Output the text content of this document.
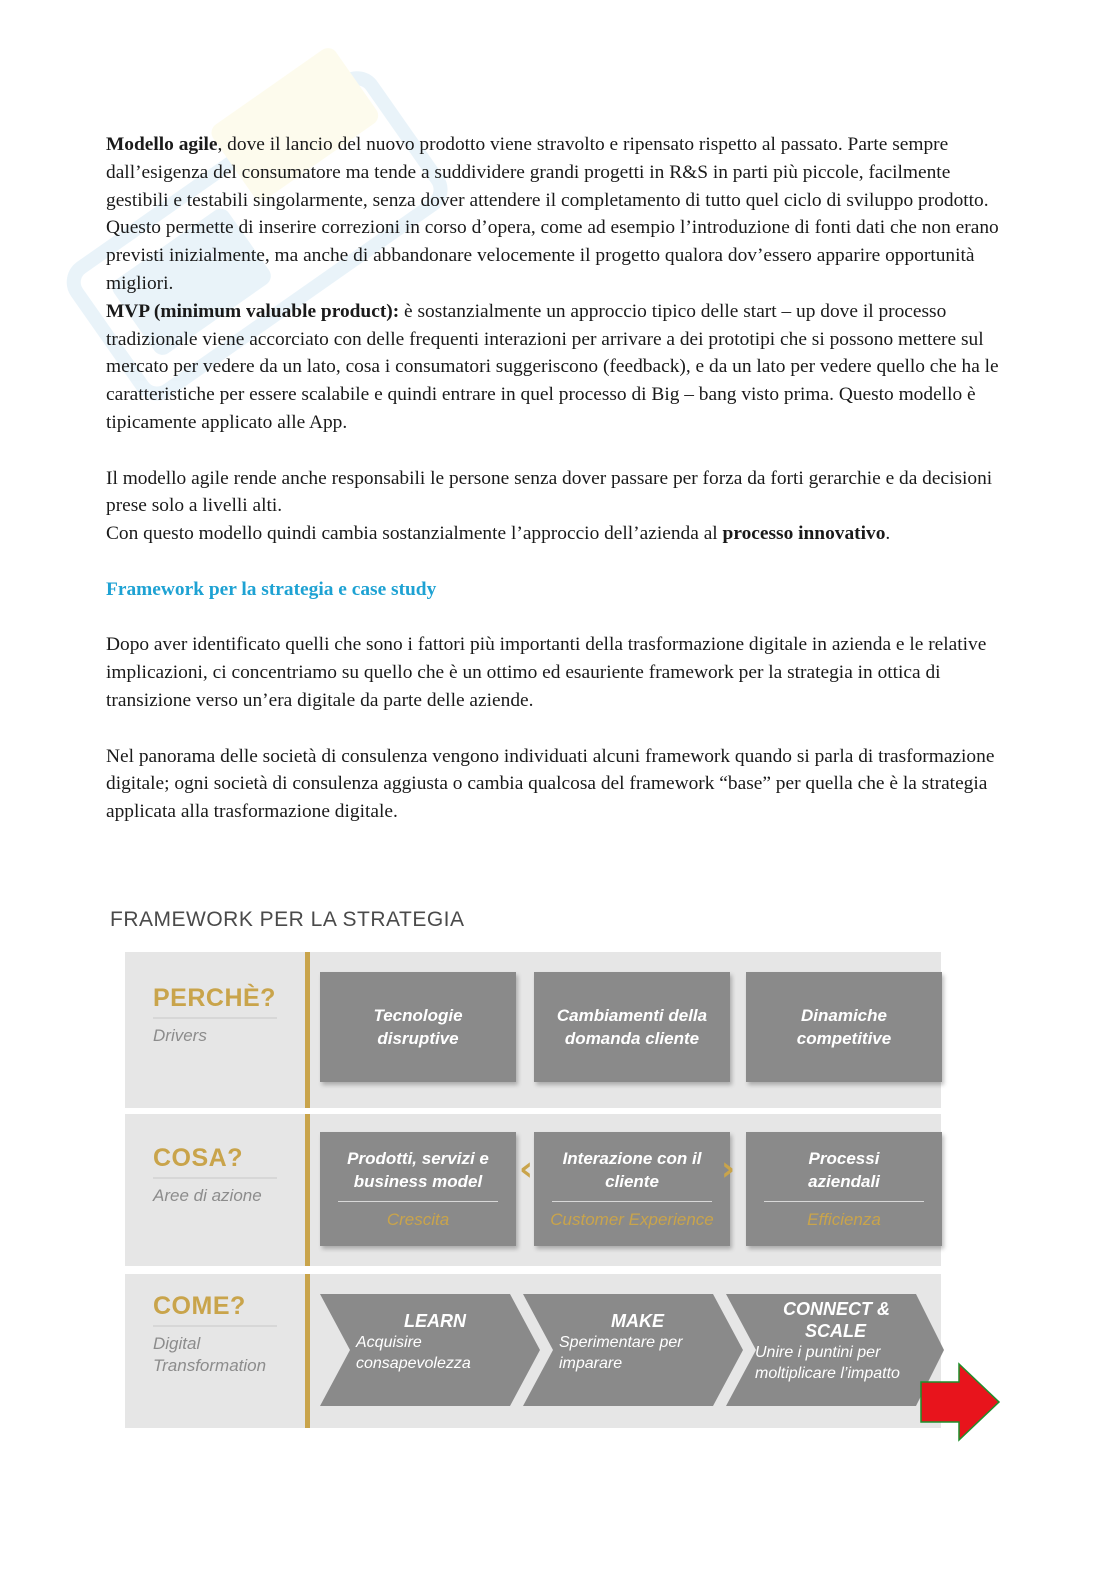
Modello agile, dove il lancio del nuovo prodotto viene stravolto e ripensato rispetto al passato. Parte sempre dall’esigenza del consumatore ma tende a suddividere grandi progetti in R&S in parti più piccole, facilmente gestibili e testabili singolarmente, senza dover attendere il completamento di tutto quel ciclo di sviluppo prodotto.

Questo permette di inserire correzioni in corso d’opera, come ad esempio l’introduzione di fonti dati che non erano previsti inizialmente, ma anche di abbandonare velocemente il progetto qualora dov’essero apparire opportunità migliori.

MVP (minimum valuable product): è sostanzialmente un approccio tipico delle start – up dove il processo tradizionale viene accorciato con delle frequenti interazioni per arrivare a dei prototipi che si possono mettere sul mercato per vedere da un lato, cosa i consumatori suggeriscono (feedback), e da un lato per vedere quello che ha le caratteristiche per essere scalabile e quindi entrare in quel processo di Big – bang visto prima. Questo modello è tipicamente applicato alle App.

Il modello agile rende anche responsabili le persone senza dover passare per forza da forti gerarchie e da decisioni prese solo a livelli alti.

Con questo modello quindi cambia sostanzialmente l’approccio dell’azienda al processo innovativo.

Framework per la strategia e case study

Dopo aver identificato quelli che sono i fattori più importanti della trasformazione digitale in azienda e le relative implicazioni, ci concentriamo su quello che è un ottimo ed esauriente framework per la strategia in ottica di transizione verso un’era digitale da parte delle aziende.

Nel panorama delle società di consulenza vengono individuati alcuni framework quando si parla di trasformazione digitale; ogni società di consulenza aggiusta o cambia qualcosa del framework “base” per quella che è la strategia applicata alla trasformazione digitale.

FRAMEWORK PER LA STRATEGIA
PERCHÈ?
Drivers
Tecnologie
disruptive
Cambiamenti della
domanda cliente
Dinamiche
competitive
COSA?
Aree di azione
Prodotti, servizi e
business model
Crescita
Interazione con il
cliente
Customer Experience
‹	›	Processi
aziendali
Efficienza
COME?
Digital
Transformation
LEARN
Acquisire
consapevolezza
MAKE
Sperimentare per
imparare
CONNECT &
SCALE
Unire i puntini per
moltiplicare l’impatto
